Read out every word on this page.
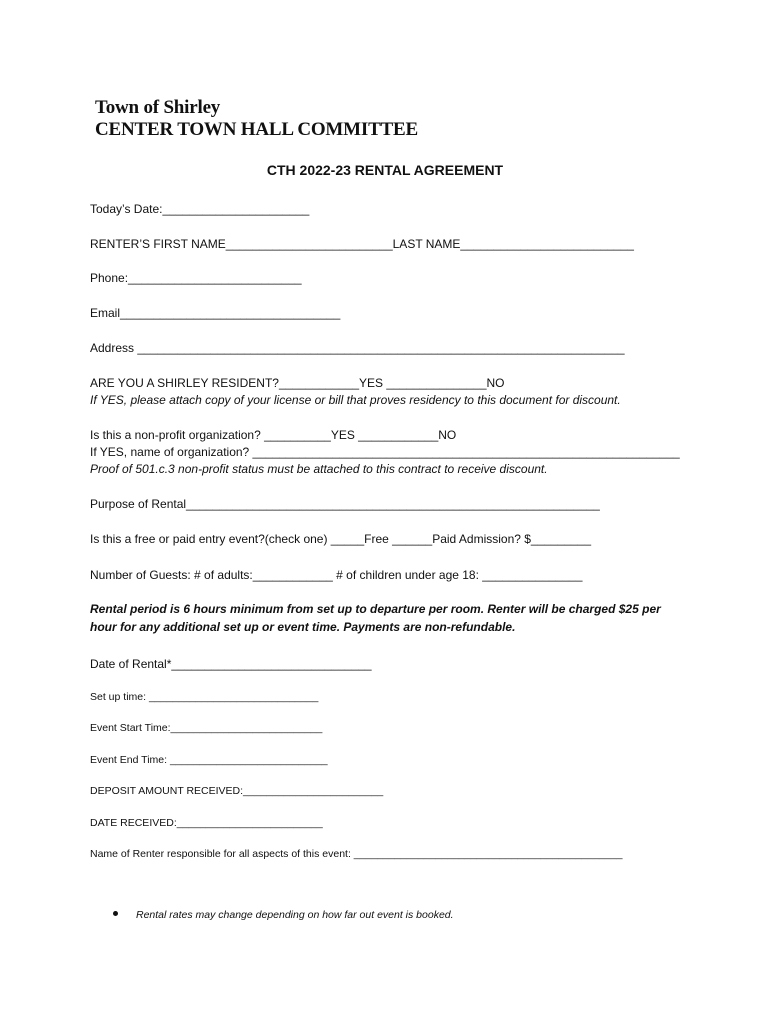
Town of Shirley
CENTER TOWN HALL COMMITTEE
CTH 2022-23 RENTAL AGREEMENT
Today’s Date:______________________
RENTER’S FIRST NAME_________________________LAST NAME__________________________
Phone:__________________________
Email_________________________________
Address _________________________________________________________________________
ARE YOU A SHIRLEY RESIDENT?____________YES _______________NO
If YES, please attach copy of your license or bill that proves residency to this document for discount.
Is this a non-profit organization? __________YES ____________NO
If YES, name of organization? ________________________________________________________________
Proof of 501.c.3 non-profit status must be attached to this contract to receive discount.
Purpose of Rental______________________________________________________________
Is this a free or paid entry event?(check one) _____Free ______Paid Admission? $_________
Number of Guests: # of adults:____________ # of children under age 18: _______________
Rental period is 6 hours minimum from set up to departure per room. Renter will be charged $25 per
hour for any additional set up or event time. Payments are non-refundable.
Date of Rental*______________________________
Set up time: _____________________________
Event Start Time:__________________________
Event End Time: ___________________________
DEPOSIT AMOUNT RECEIVED:________________________
DATE RECEIVED:_________________________
Name of Renter responsible for all aspects of this event: ______________________________________________
Rental rates may change depending on how far out event is booked.
